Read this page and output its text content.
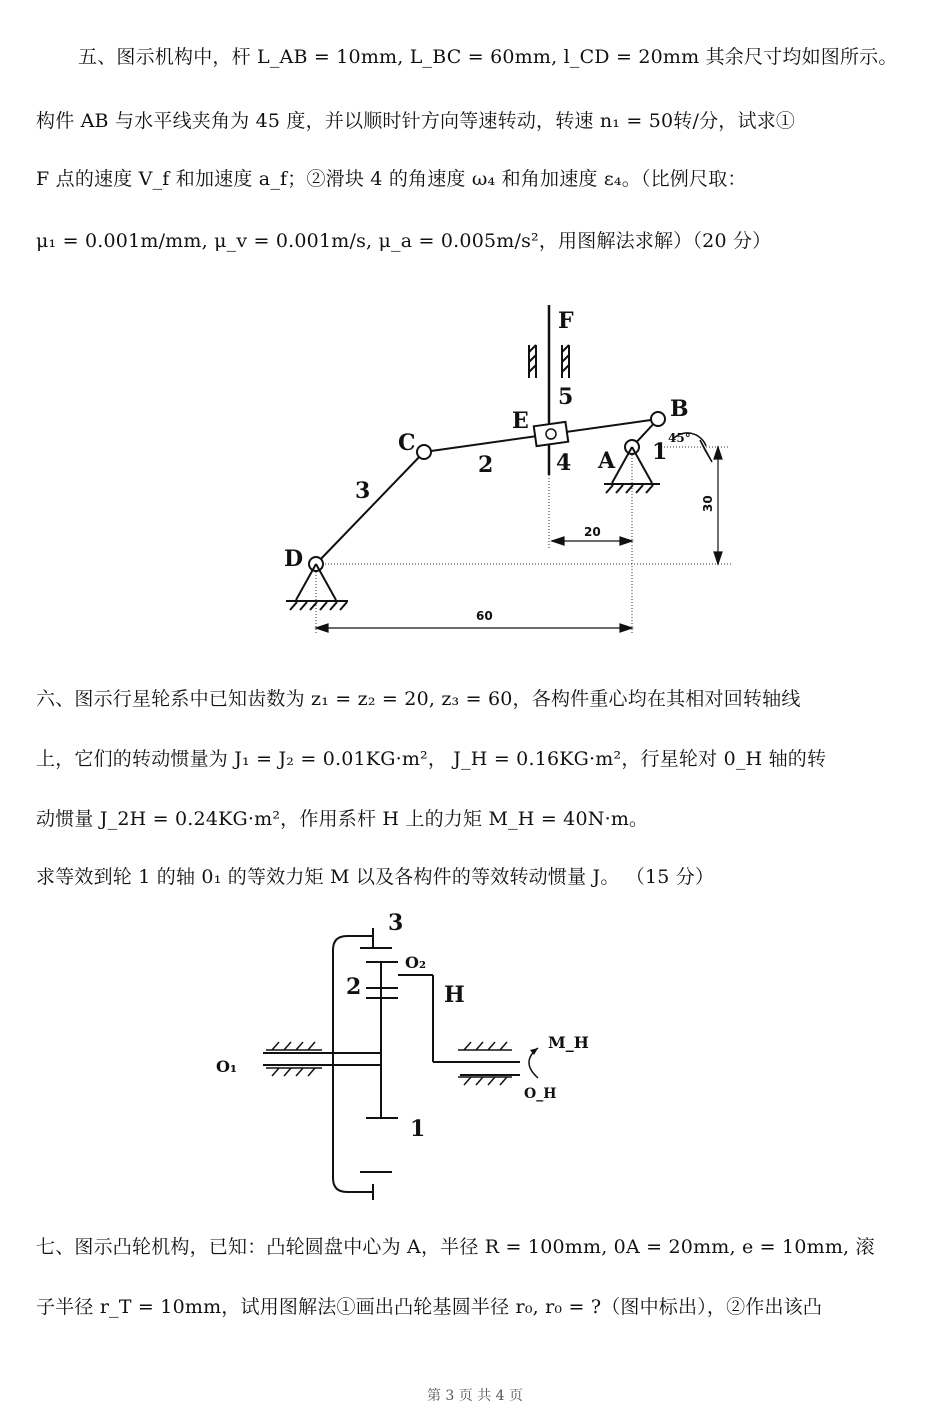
五、图示机构中，杆 L_AB = 10mm, L_BC = 60mm, l_CD = 20mm 其余尺寸均如图所示。
构件 AB 与水平线夹角为 45 度，并以顺时针方向等速转动，转速 n₁ = 50转/分，试求①
F 点的速度 V_f 和加速度 a_f；②滑块 4 的角速度 ω₄ 和角加速度 ε₄。（比例尺取：
μ₁ = 0.001m/mm, μ_v = 0.001m/s, μ_a = 0.005m/s²，用图解法求解）（20 分）
F
5	B
E
C
2	4 A 1
45°
3
D
30
20
60
六、图示行星轮系中已知齿数为 z₁ = z₂ = 20, z₃ = 60，各构件重心均在其相对回转轴线
上，它们的转动惯量为 J₁ = J₂ = 0.01KG·m²， J_H = 0.16KG·m²，行星轮对 0_H 轴的转
动惯量 J_2H = 0.24KG·m²，作用系杆 H 上的力矩 M_H = 40N·m。
求等效到轮 1 的轴 0₁ 的等效力矩 M 以及各构件的等效转动惯量 J。 （15 分）
3
O₂
2	H
O₁
1
M_H
O_H
七、图示凸轮机构，已知：凸轮圆盘中心为 A，半径 R = 100mm, 0A = 20mm, e = 10mm, 滚
子半径 r_T = 10mm，试用图解法①画出凸轮基圆半径 r₀, r₀ = ?（图中标出），②作出该凸
第 3 页 共 4 页
